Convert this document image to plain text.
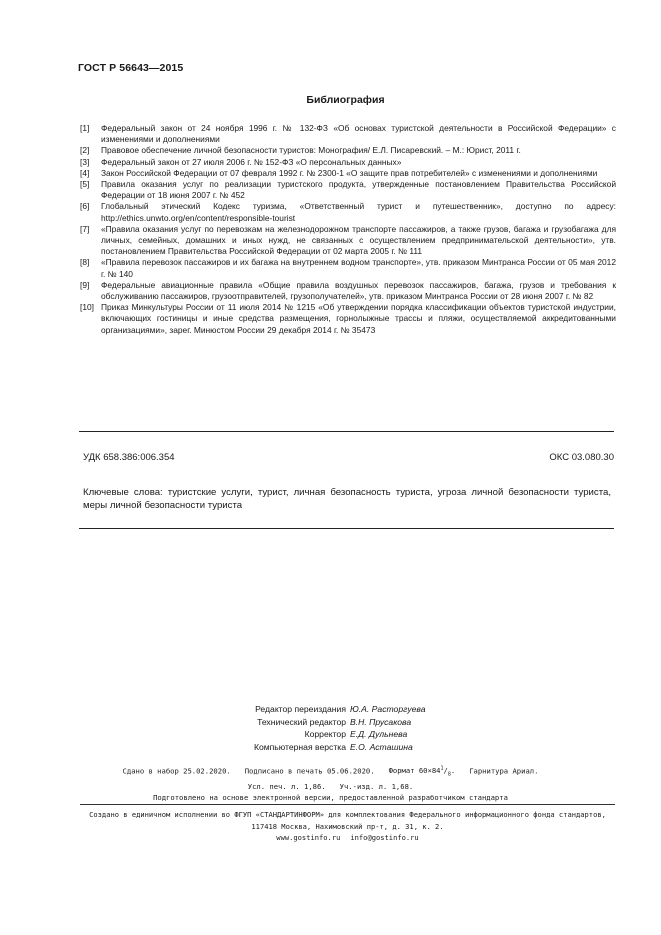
ГОСТ Р 56643—2015
Библиография
[1]	Федеральный закон от 24 ноября 1996 г. № 132-ФЗ «Об основах туристской деятельности в Российской Федерации» с изменениями и дополнениями
[2]	Правовое обеспечение личной безопасности туристов: Монография/ Е.Л. Писаревский. – М.: Юрист, 2011 г.
[3]	Федеральный закон от 27 июля 2006 г. № 152-ФЗ «О персональных данных»
[4]	Закон Российской Федерации от 07 февраля 1992 г. № 2300-1 «О защите прав потребителей» с изменениями и дополнениями
[5]	Правила оказания услуг по реализации туристского продукта, утвержденные постановлением Правительства Российской Федерации от 18 июня 2007 г. № 452
[6]	Глобальный этический Кодекс туризма, «Ответственный турист и путешественник», доступно по адресу: http://ethics.unwto.org/en/content/responsible-tourist
[7]	«Правила оказания услуг по перевозкам на железнодорожном транспорте пассажиров, а также грузов, багажа и грузобагажа для личных, семейных, домашних и иных нужд, не связанных с осуществлением предпринимательской деятельности», утв. постановлением Правительства Российской Федерации от 02 марта 2005 г. № 111
[8]	«Правила перевозок пассажиров и их багажа на внутреннем водном транспорте», утв. приказом Минтранса России от 05 мая 2012 г. № 140
[9]	Федеральные авиационные правила «Общие правила воздушных перевозок пассажиров, багажа, грузов и требования к обслуживанию пассажиров, грузоотправителей, грузополучателей», утв. приказом Минтранса России от 28 июня 2007 г. № 82
[10] Приказ Минкультуры России от 11 июля 2014 № 1215 «Об утверждении порядка классификации объектов туристской индустрии, включающих гостиницы и иные средства размещения, горнолыжные трассы и пляжи, осуществляемой аккредитованными организациями», зарег. Минюстом России 29 декабря 2014 г. № 35473
УДК 658.386:006.354	ОКС 03.080.30
Ключевые слова: туристские услуги, турист, личная безопасность туриста, угроза личной безопасности туриста, меры личной безопасности туриста
Редактор переиздания Ю.А. Расторгуева
Технический редактор В.Н. Прусакова
Корректор Е.Д. Дульнева
Компьютерная верстка Е.О. Асташина
Сдано в набор 25.02.2020. Подписано в печать 05.06.2020. Формат $60\times 84^1/_8$. Гарнитура Ариал.
Усл. печ. л. 1,86. Уч.-изд. л. 1,68.
Подготовлено на основе электронной версии, предоставленной разработчиком стандарта
Создано в единичном исполнении во ФГУП «СТАНДАРТИНФОРМ» для комплектования Федерального информационного фонда стандартов, 117418 Москва, Нахимовский пр-т, д. 31, к. 2.
www.gostinfo.ru info@gostinfo.ru
